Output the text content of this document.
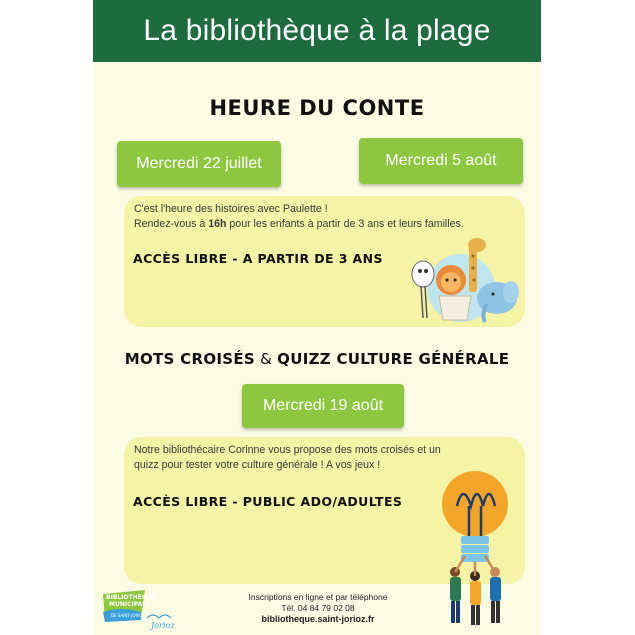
La bibliothèque à la plage
HEURE DU CONTE
Mercredi 22 juillet	Mercredi 5 août
C'est l'heure des histoires avec Paulette !
Rendez-vous à 16h pour les enfants à partir de 3 ans et leurs familles.
ACCÈS LIBRE - A PARTIR DE 3 ANS
MOTS CROISÉS & QUIZZ CULTURE GÉNÉRALE
Mercredi 19 août
Notre bibliothécaire Corinne vous propose des mots croisés et un
quizz pour tester votre culture générale ! A vos jeux !
ACCÈS LIBRE - PUBLIC ADO/ADULTES
Inscriptions en ligne et par téléphone
Tél. 04 84 79 02 08
bibliotheque.saint-jorioz.fr
BIBLIOTHÈQUE
MUNICIPALE
DE SAINT-JORIOZ
Jorioz
